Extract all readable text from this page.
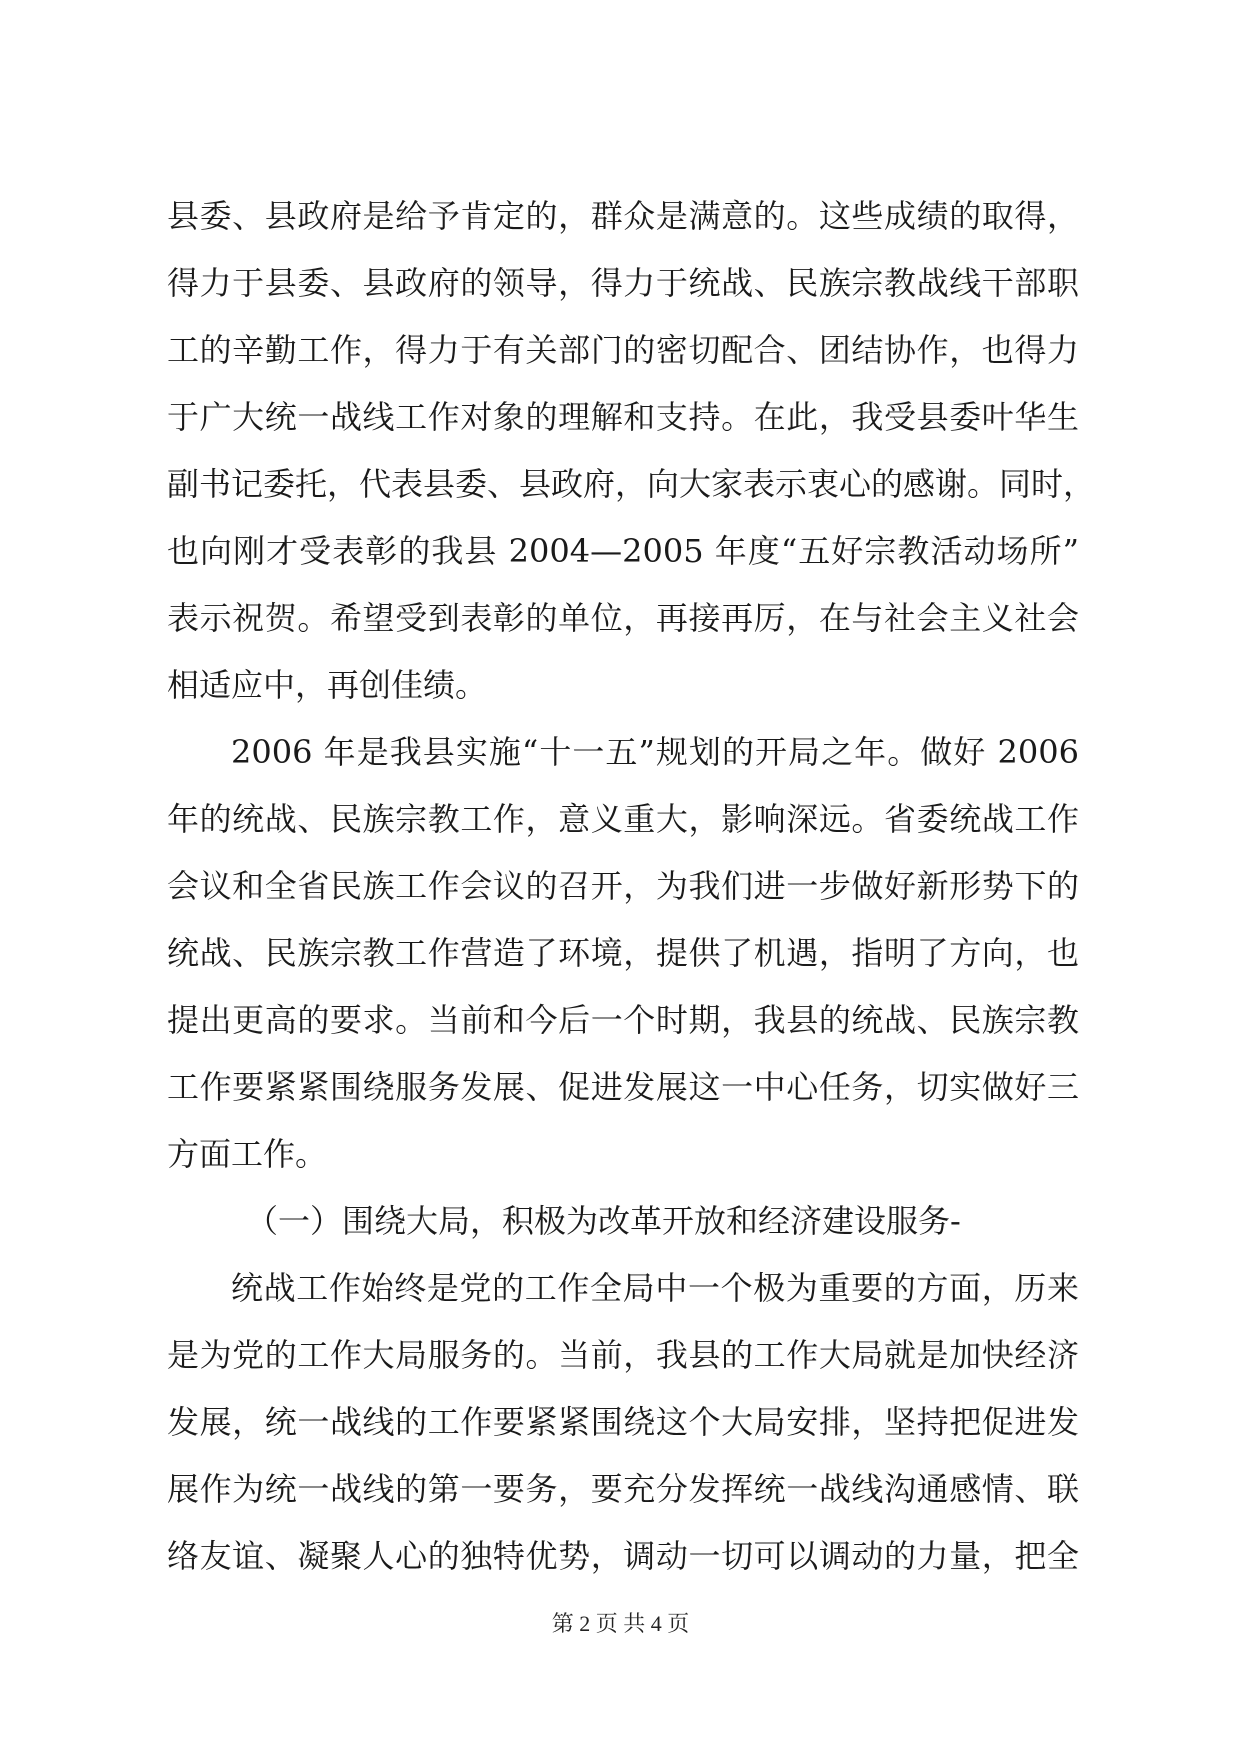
县委、县政府是给予肯定的，群众是满意的。这些成绩的取得，
得力于县委、县政府的领导，得力于统战、民族宗教战线干部职
工的辛勤工作，得力于有关部门的密切配合、团结协作，也得力
于广大统一战线工作对象的理解和支持。在此，我受县委叶华生
副书记委托，代表县委、县政府，向大家表示衷心的感谢。同时，
也向刚才受表彰的我县 2004—2005 年度“五好宗教活动场所”
表示祝贺。希望受到表彰的单位，再接再厉，在与社会主义社会
相适应中，再创佳绩。
2006 年是我县实施“十一五”规划的开局之年。做好 2006
年的统战、民族宗教工作，意义重大，影响深远。省委统战工作
会议和全省民族工作会议的召开，为我们进一步做好新形势下的
统战、民族宗教工作营造了环境，提供了机遇，指明了方向，也
提出更高的要求。当前和今后一个时期，我县的统战、民族宗教
工作要紧紧围绕服务发展、促进发展这一中心任务，切实做好三
方面工作。
（一）围绕大局，积极为改革开放和经济建设服务-
统战工作始终是党的工作全局中一个极为重要的方面，历来
是为党的工作大局服务的。当前，我县的工作大局就是加快经济
发展，统一战线的工作要紧紧围绕这个大局安排，坚持把促进发
展作为统一战线的第一要务，要充分发挥统一战线沟通感情、联
络友谊、凝聚人心的独特优势，调动一切可以调动的力量，把全
第 2 页 共 4 页
